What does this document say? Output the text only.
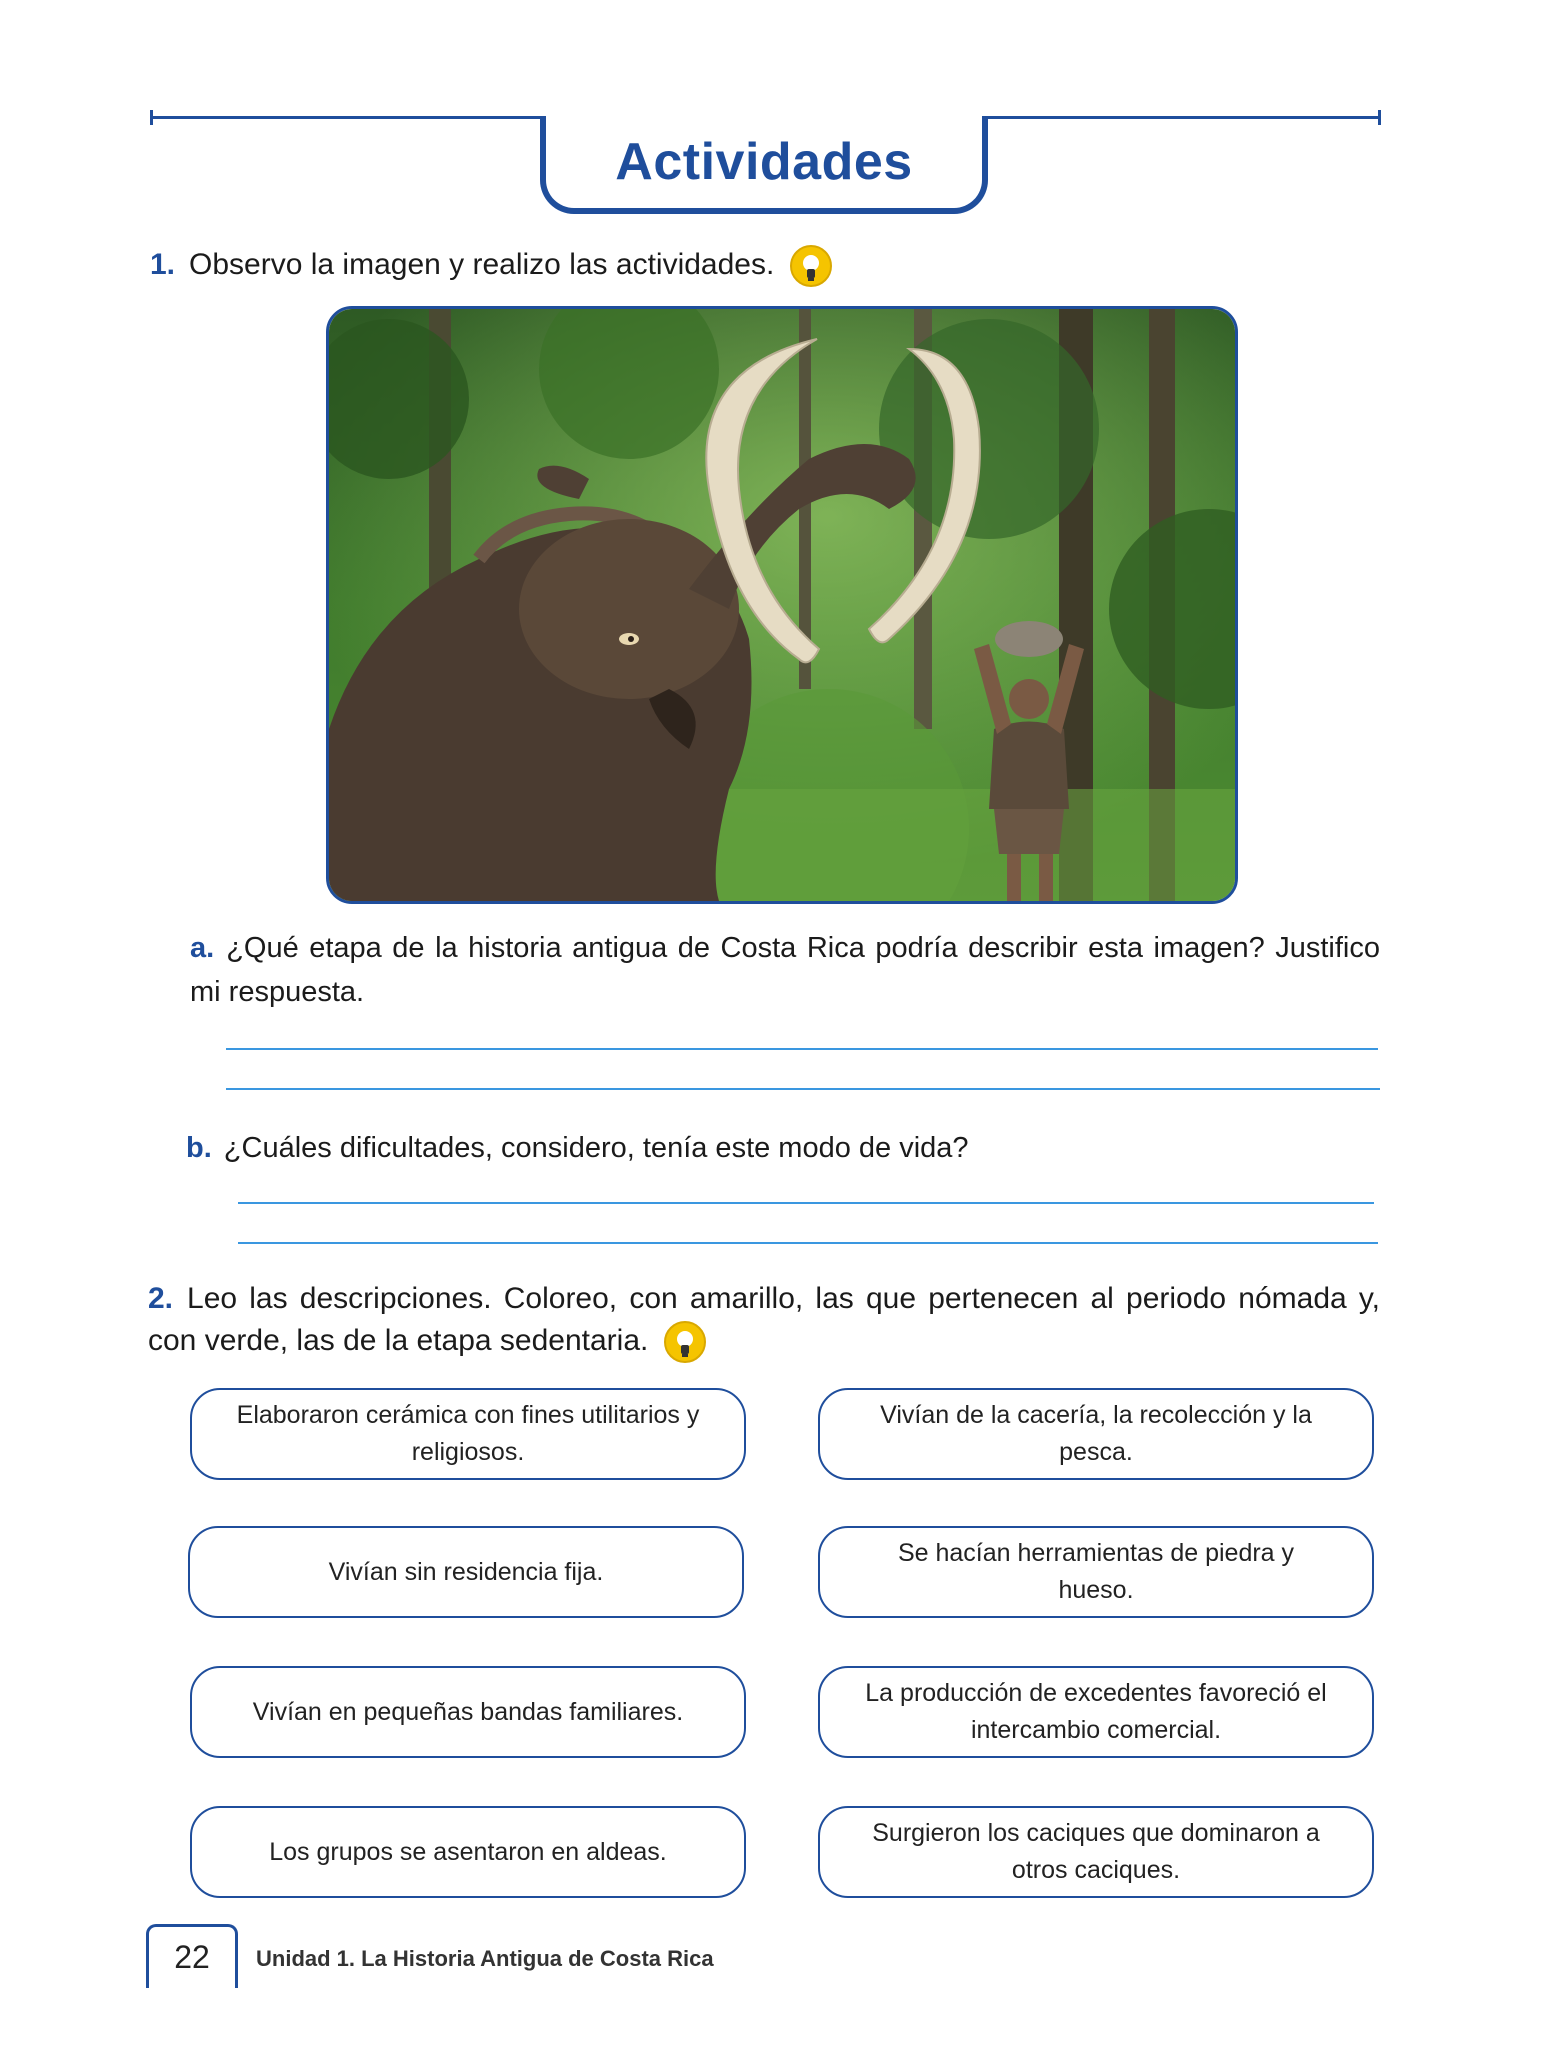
Actividades
1. Observo la imagen y realizo las actividades.
a. ¿Qué etapa de la historia antigua de Costa Rica podría describir esta imagen? Justifico mi respuesta.
b. ¿Cuáles dificultades, considero, tenía este modo de vida?
2. Leo las descripciones. Coloreo, con amarillo, las que pertenecen al periodo nómada y, con verde, las de la etapa sedentaria.
Elaboraron cerámica con fines utilitarios y religiosos.
Vivían de la cacería, la recolección y la pesca.
Vivían sin residencia fija.
Se hacían herramientas de piedra y hueso.
Vivían en pequeñas bandas familiares.
La producción de excedentes favoreció el intercambio comercial.
Los grupos se asentaron en aldeas.
Surgieron los caciques que dominaron a otros caciques.
22 Unidad 1. La Historia Antigua de Costa Rica
